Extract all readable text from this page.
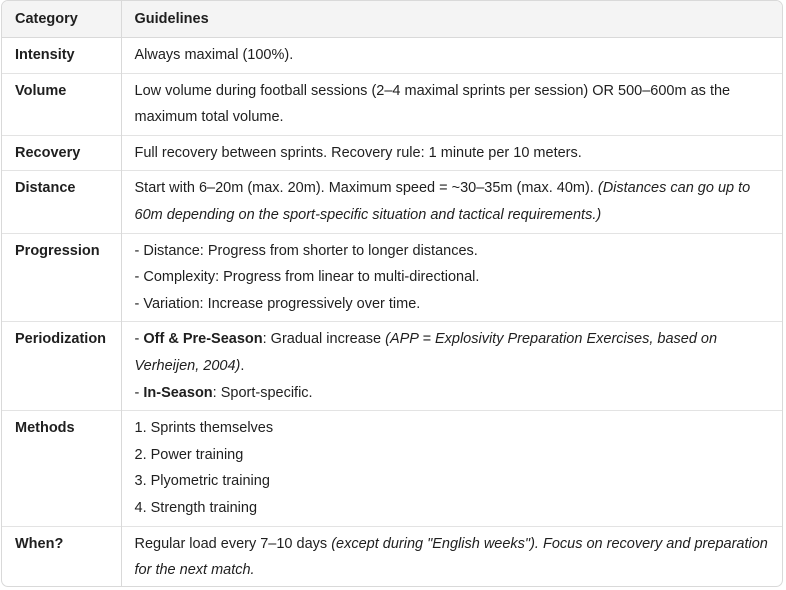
Category	Guidelines
Intensity	Always maximal (100%).
Volume	Low volume during football sessions (2–4 maximal sprints per session) OR 500–600m as the maximum total volume.
Recovery	Full recovery between sprints. Recovery rule: 1 minute per 10 meters.
Distance	Start with 6–20m (max. 20m). Maximum speed = ~30–35m (max. 40m). (Distances can go up to 60m depending on the sport-specific situation and tactical requirements.)
Progression	- Distance: Progress from shorter to longer distances.
- Complexity: Progress from linear to multi-directional.
- Variation: Increase progressively over time.

Periodization	- Off & Pre-Season: Gradual increase (APP = Explosivity Preparation Exercises, based on Verheijen, 2004).
- In-Season: Sport-specific.

Methods	1. Sprints themselves
2. Power training
3. Plyometric training
4. Strength training

When?	Regular load every 7–10 days (except during "English weeks"). Focus on recovery and preparation for the next match.
